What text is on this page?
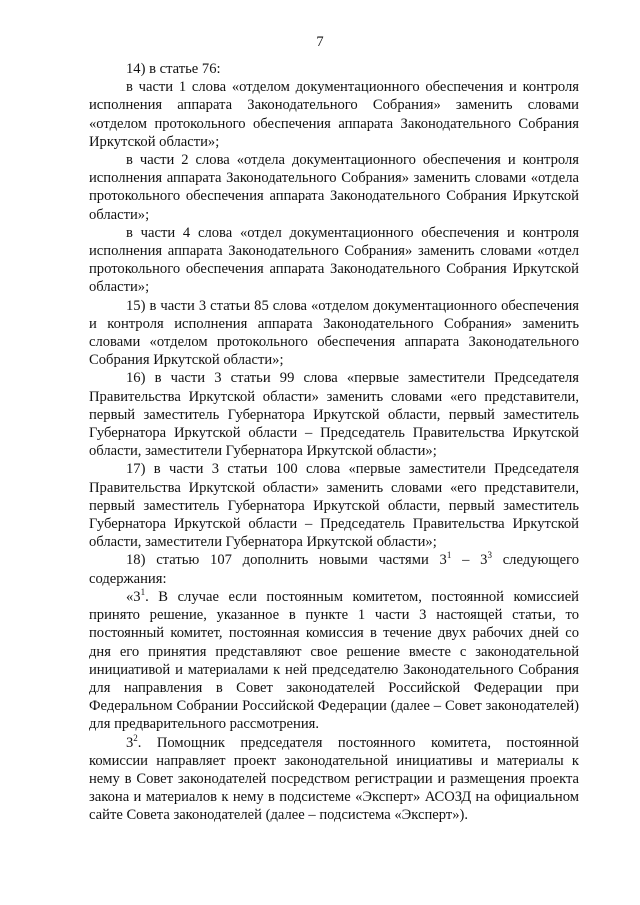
7

14) в статье 76:

в части 1 слова «отделом документационного обеспечения и контроля исполнения аппарата Законодательного Собрания» заменить словами «отделом протокольного обеспечения аппарата Законодательного Собрания Иркутской области»;

в части 2 слова «отдела документационного обеспечения и контроля исполнения аппарата Законодательного Собрания» заменить словами «отдела протокольного обеспечения аппарата Законодательного Собрания Иркутской области»;

в части 4 слова «отдел документационного обеспечения и контроля исполнения аппарата Законодательного Собрания» заменить словами «отдел протокольного обеспечения аппарата Законодательного Собрания Иркутской области»;

15) в части 3 статьи 85 слова «отделом документационного обеспечения и контроля исполнения аппарата Законодательного Собрания» заменить словами «отделом протокольного обеспечения аппарата Законодательного Собрания Иркутской области»;

16) в части 3 статьи 99 слова «первые заместители Председателя Правительства Иркутской области» заменить словами «его представители, первый заместитель Губернатора Иркутской области, первый заместитель Губернатора Иркутской области – Председатель Правительства Иркутской области, заместители Губернатора Иркутской области»;

17) в части 3 статьи 100 слова «первые заместители Председателя Правительства Иркутской области» заменить словами «его представители, первый заместитель Губернатора Иркутской области, первый заместитель Губернатора Иркутской области – Председатель Правительства Иркутской области, заместители Губернатора Иркутской области»;

18) статью 107 дополнить новыми частями $3^1 - 3^3$ следующего содержания:

«$3^1$. В случае если постоянным комитетом, постоянной комиссией принято решение, указанное в пункте 1 части 3 настоящей статьи, то постоянный комитет, постоянная комиссия в течение двух рабочих дней со дня его принятия представляют свое решение вместе с законодательной инициативой и материалами к ней председателю Законодательного Собрания для направления в Совет законодателей Российской Федерации при Федеральном Собрании Российской Федерации (далее – Совет законодателей) для предварительного рассмотрения.

$3^2$. Помощник председателя постоянного комитета, постоянной комиссии направляет проект законодательной инициативы и материалы к нему в Совет законодателей посредством регистрации и размещения проекта закона и материалов к нему в подсистеме «Эксперт» АСОЗД на официальном сайте Совета законодателей (далее – подсистема «Эксперт»).
